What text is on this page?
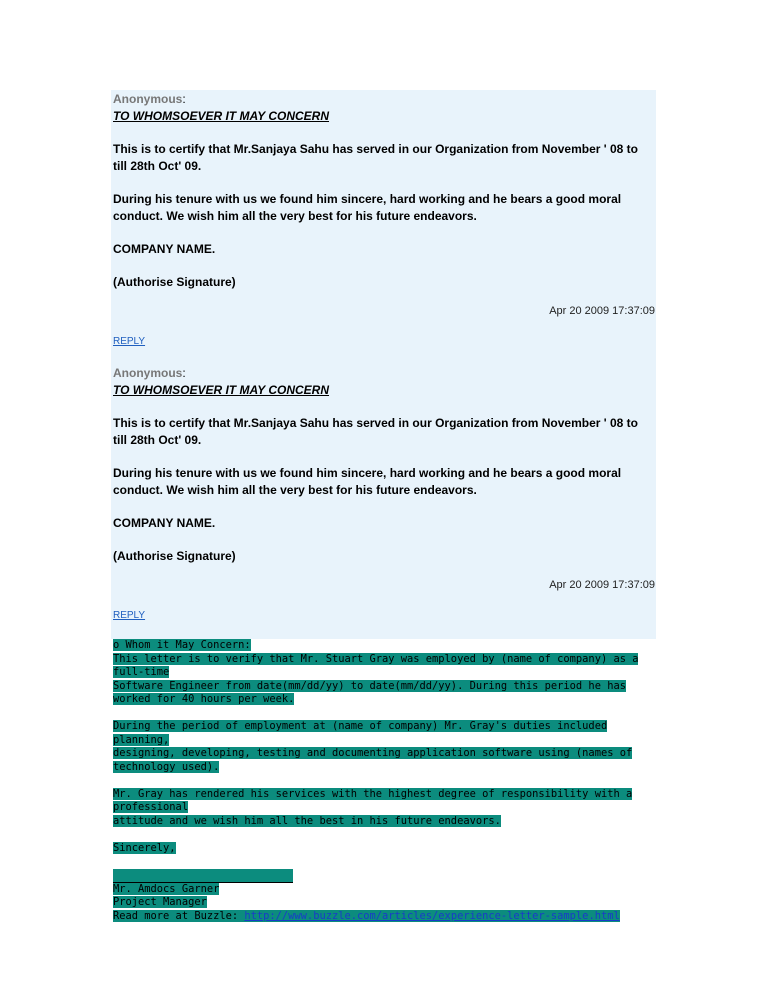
Anonymous:
TO WHOMSOEVER IT MAY CONCERN
This is to certify that Mr.Sanjaya Sahu has served in our Organization from November ' 08 to till 28th Oct' 09.
During his tenure with us we found him sincere, hard working and he bears a good moral conduct. We wish him all the very best for his future endeavors.
COMPANY NAME.
(Authorise Signature)
Apr 20 2009 17:37:09
REPLY
Anonymous:
TO WHOMSOEVER IT MAY CONCERN
This is to certify that Mr.Sanjaya Sahu has served in our Organization from November ' 08 to till 28th Oct' 09.
During his tenure with us we found him sincere, hard working and he bears a good moral conduct. We wish him all the very best for his future endeavors.
COMPANY NAME.
(Authorise Signature)
Apr 20 2009 17:37:09
REPLY
o Whom it May Concern:
This letter is to verify that Mr. Stuart Gray was employed by (name of company) as a full-time
Software Engineer from date(mm/dd/yy) to date(mm/dd/yy). During this period he has
worked for 40 hours per week.
During the period of employment at (name of company) Mr. Gray's duties included planning,
designing, developing, testing and documenting application software using (names of
technology used).
Mr. Gray has rendered his services with the highest degree of responsibility with a professional
attitude and we wish him all the best in his future endeavors.
Sincerely,
Mr. Amdocs Garner
Project Manager
Read more at Buzzle: http://www.buzzle.com/articles/experience-letter-sample.html
